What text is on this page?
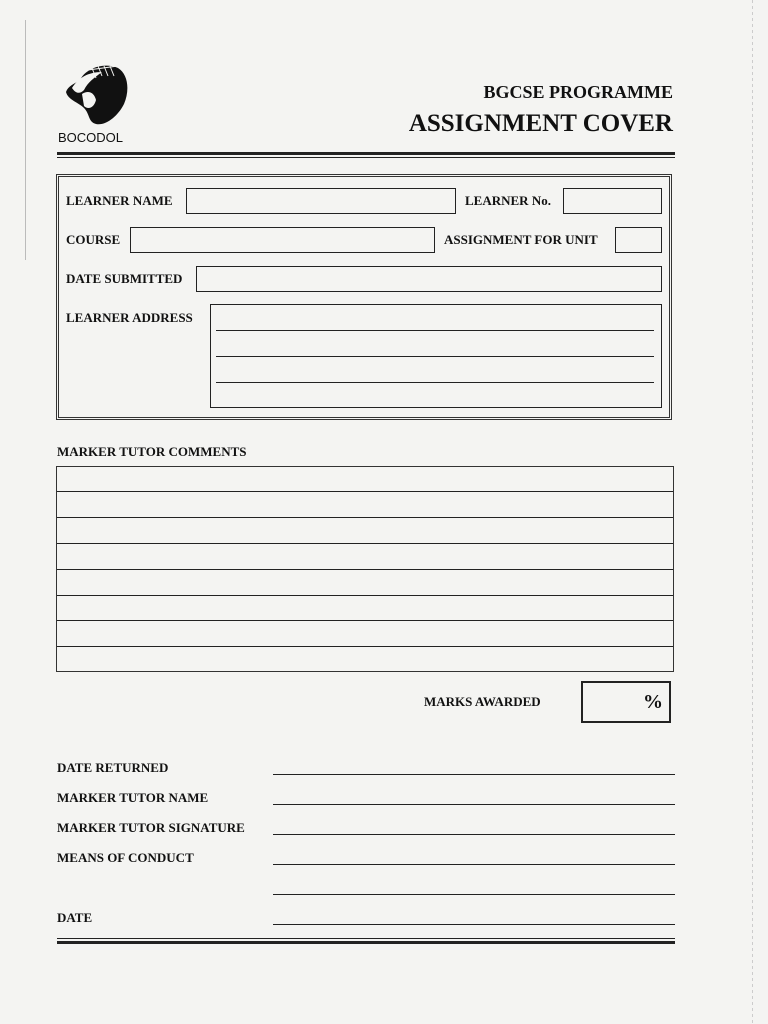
BOCODOL
BGCSE PROGRAMME
ASSIGNMENT COVER
LEARNER NAME	LEARNER No.
COURSE	ASSIGNMENT FOR UNIT
DATE SUBMITTED
LEARNER ADDRESS
MARKER TUTOR COMMENTS
MARKS AWARDED	%
DATE RETURNED
MARKER TUTOR NAME
MARKER TUTOR SIGNATURE
MEANS OF CONDUCT
DATE
